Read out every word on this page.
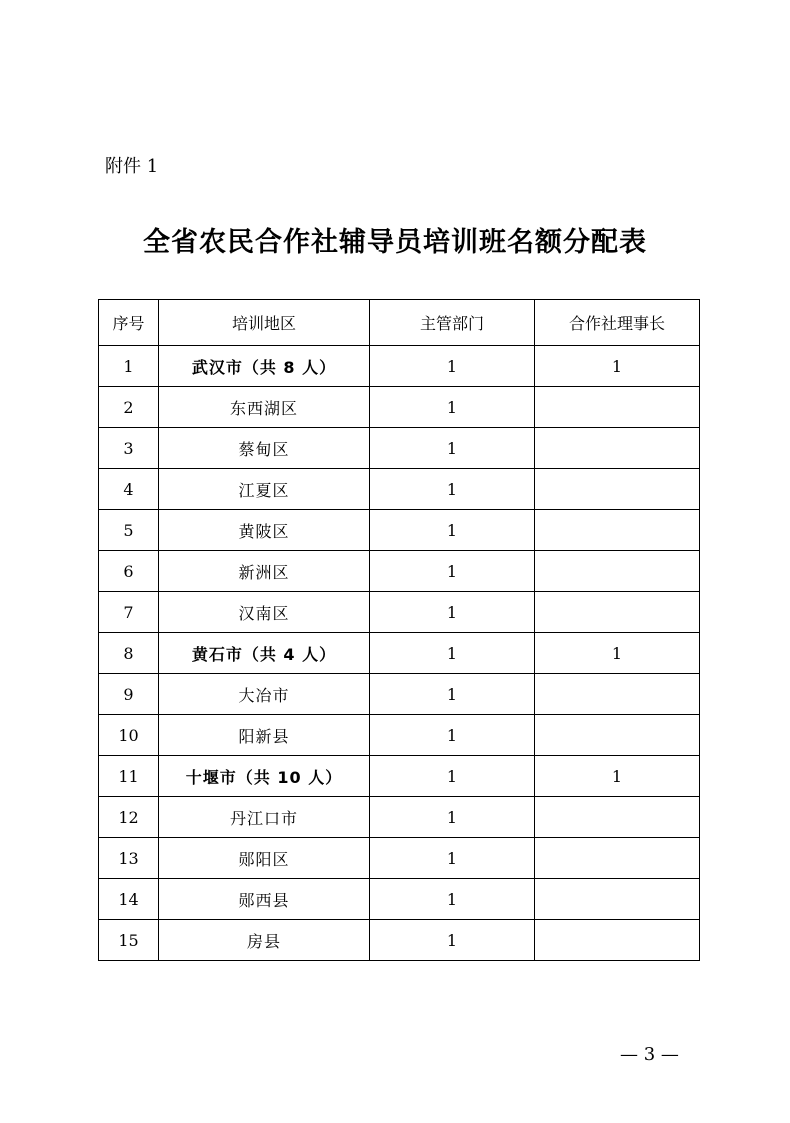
附件 1
全省农民合作社辅导员培训班名额分配表
序号	培训地区	主管部门	合作社理事长
1	武汉市（共 8 人）	1	1
2	东西湖区	1	
3	蔡甸区	1	
4	江夏区	1	
5	黄陂区	1	
6	新洲区	1	
7	汉南区	1	
8	黄石市（共 4 人）	1	1
9	大冶市	1	
10	阳新县	1	
11	十堰市（共 10 人）	1	1
12	丹江口市	1	
13	郧阳区	1	
14	郧西县	1	
15	房县	1	
— 3 —
